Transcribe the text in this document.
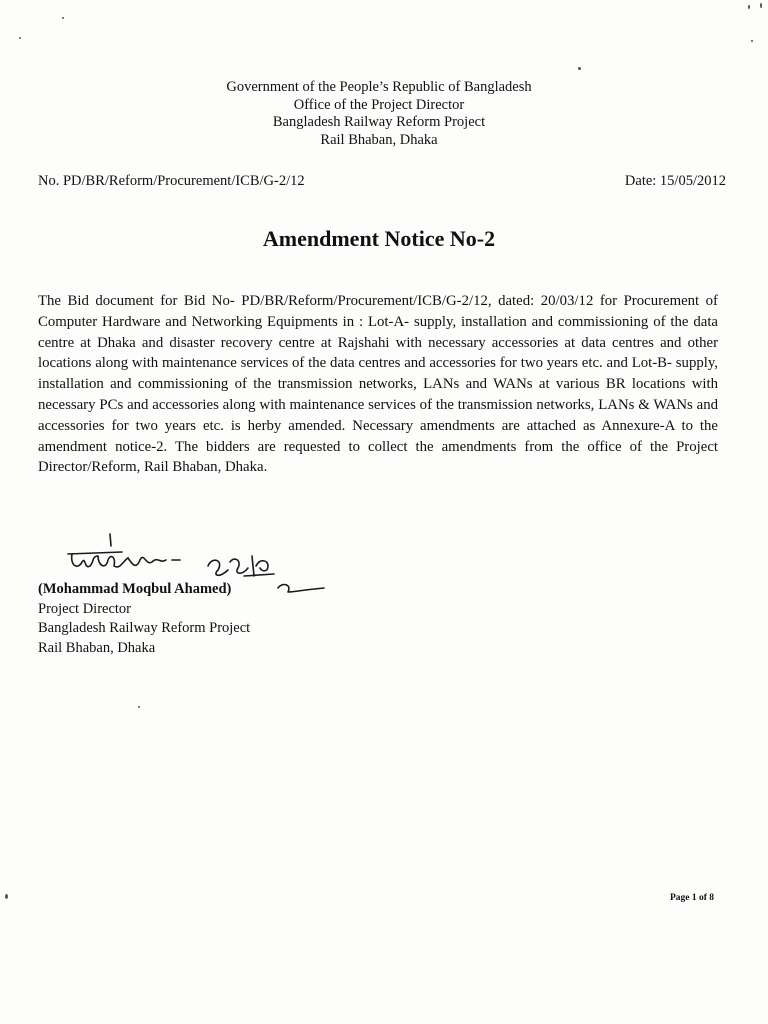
Government of the People’s Republic of Bangladesh
Office of the Project Director
Bangladesh Railway Reform Project
Rail Bhaban, Dhaka
No. PD/BR/Reform/Procurement/ICB/G-2/12	Date: 15/05/2012
Amendment Notice No-2
The Bid document for Bid No- PD/BR/Reform/Procurement/ICB/G-2/12, dated: 20/03/12 for Procurement of Computer Hardware and Networking Equipments in : Lot-A- supply, installation and commissioning of the data centre at Dhaka and disaster recovery centre at Rajshahi with necessary accessories at data centres and other locations along with maintenance services of the data centres and accessories for two years etc. and Lot-B- supply, installation and commissioning of the transmission networks, LANs and WANs at various BR locations with necessary PCs and accessories along with maintenance services of the transmission networks, LANs & WANs and accessories for two years etc. is herby amended. Necessary amendments are attached as Annexure-A to the amendment notice-2. The bidders are requested to collect the amendments from the office of the Project Director/Reform, Rail Bhaban, Dhaka.
(Mohammad Moqbul Ahamed)
Project Director
Bangladesh Railway Reform Project
Rail Bhaban, Dhaka
Page 1 of 8
